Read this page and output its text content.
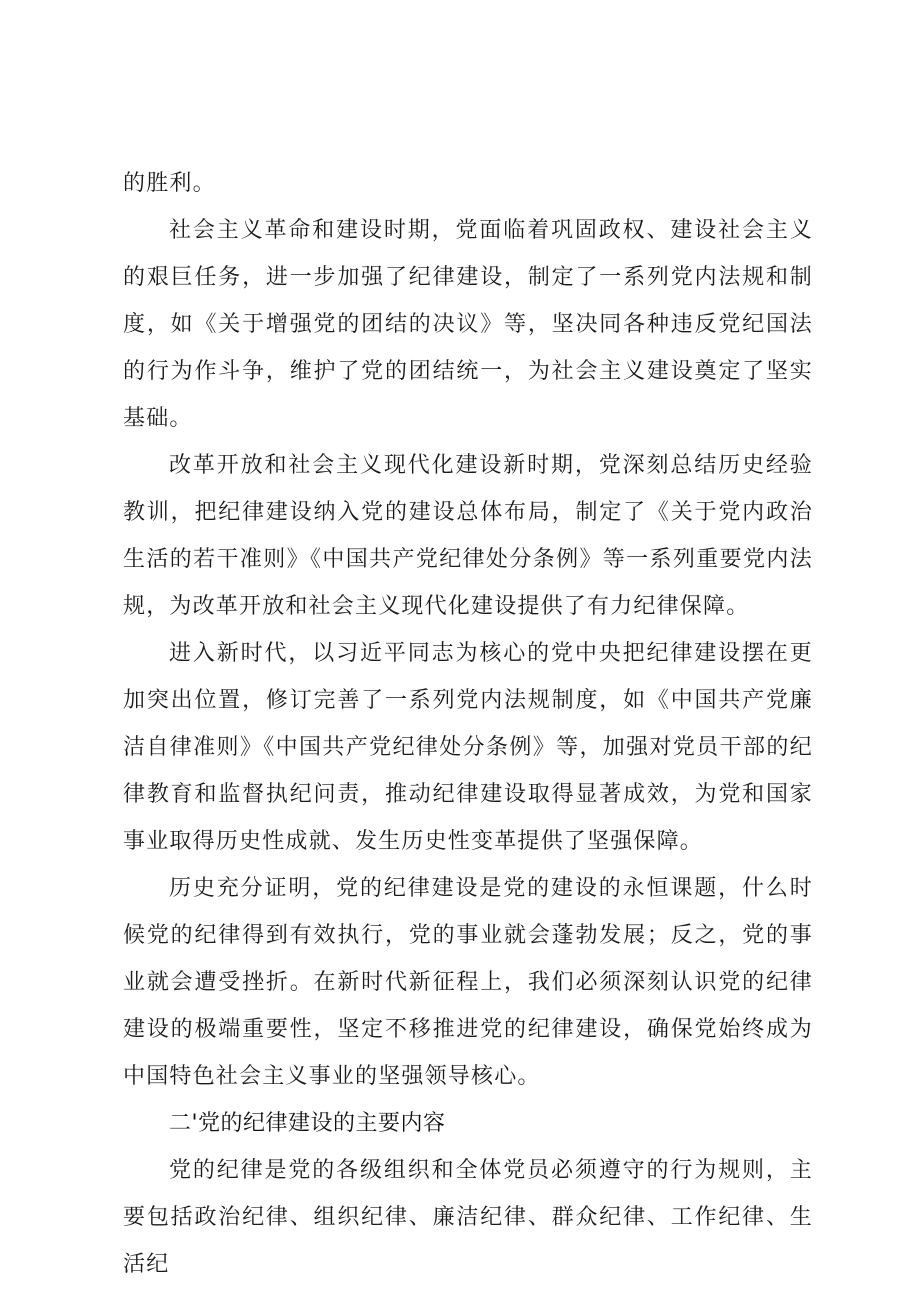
的胜利。

社会主义革命和建设时期，党面临着巩固政权、建设社会主义的艰巨任务，进一步加强了纪律建设，制定了一系列党内法规和制度，如《关于增强党的团结的决议》等，坚决同各种违反党纪国法的行为作斗争，维护了党的团结统一，为社会主义建设奠定了坚实基础。

改革开放和社会主义现代化建设新时期，党深刻总结历史经验教训，把纪律建设纳入党的建设总体布局，制定了《关于党内政治生活的若干准则》《中国共产党纪律处分条例》等一系列重要党内法规，为改革开放和社会主义现代化建设提供了有力纪律保障。

进入新时代，以习近平同志为核心的党中央把纪律建设摆在更加突出位置，修订完善了一系列党内法规制度，如《中国共产党廉洁自律准则》《中国共产党纪律处分条例》等，加强对党员干部的纪律教育和监督执纪问责，推动纪律建设取得显著成效，为党和国家事业取得历史性成就、发生历史性变革提供了坚强保障。

历史充分证明，党的纪律建设是党的建设的永恒课题，什么时候党的纪律得到有效执行，党的事业就会蓬勃发展；反之，党的事业就会遭受挫折。在新时代新征程上，我们必须深刻认识党的纪律建设的极端重要性，坚定不移推进党的纪律建设，确保党始终成为中国特色社会主义事业的坚强领导核心。

二'党的纪律建设的主要内容

党的纪律是党的各级组织和全体党员必须遵守的行为规则，主要包括政治纪律、组织纪律、廉洁纪律、群众纪律、工作纪律、生活纪
